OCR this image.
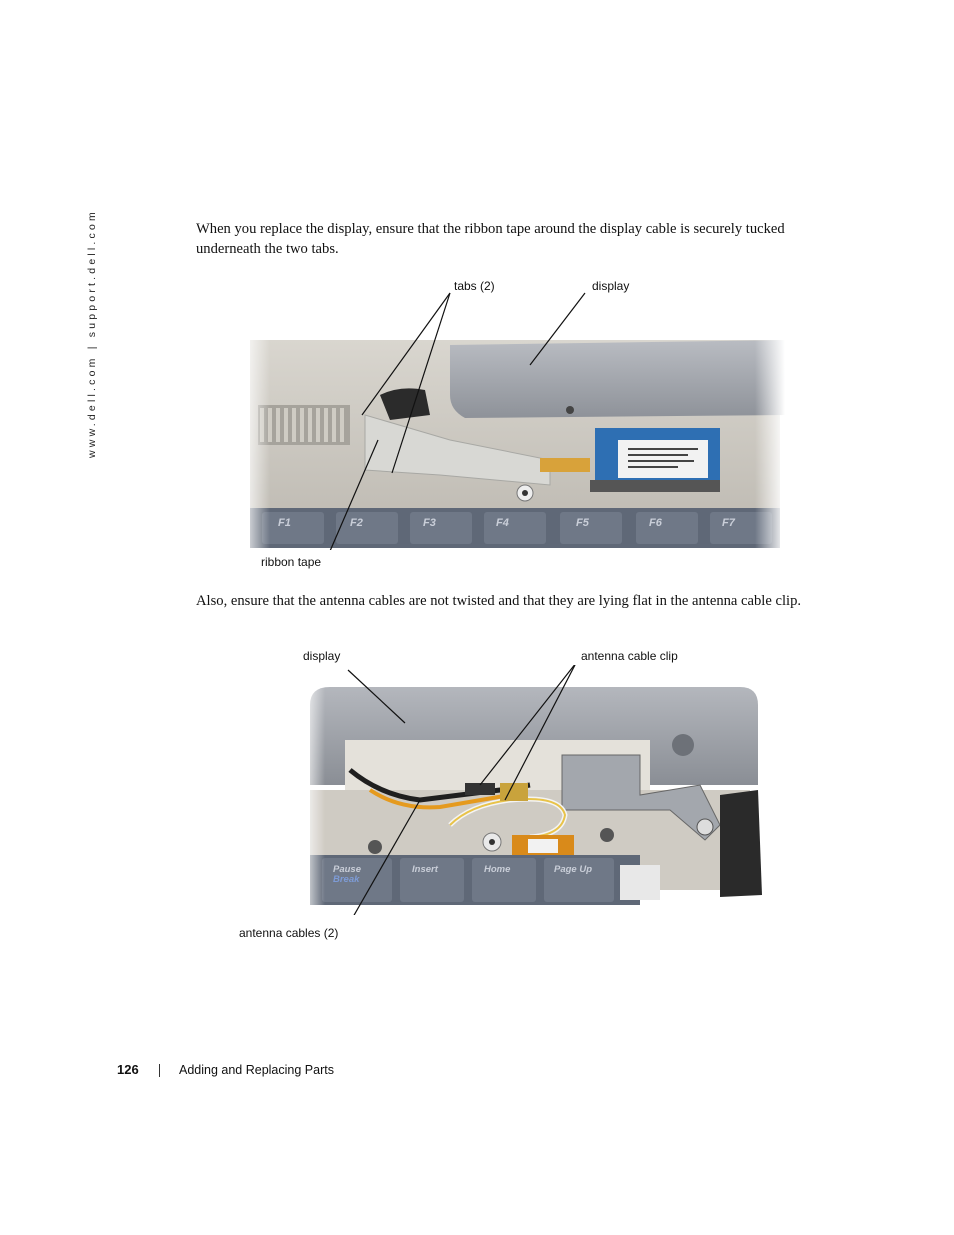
www.dell.com | support.dell.com	When you replace the display, ensure that the ribbon tape around the display cable is securely tucked underneath the two tabs.

tabs (2)	display
ribbon tape
F1	F2	F3	F4	F5	F6	F7

Also, ensure that the antenna cables are not twisted and that they are lying flat in the antenna cable clip.

display	antenna cable clip
antenna cables (2)
Pause
Break
Insert	Home	Page Up
126	Adding and Replacing Parts
